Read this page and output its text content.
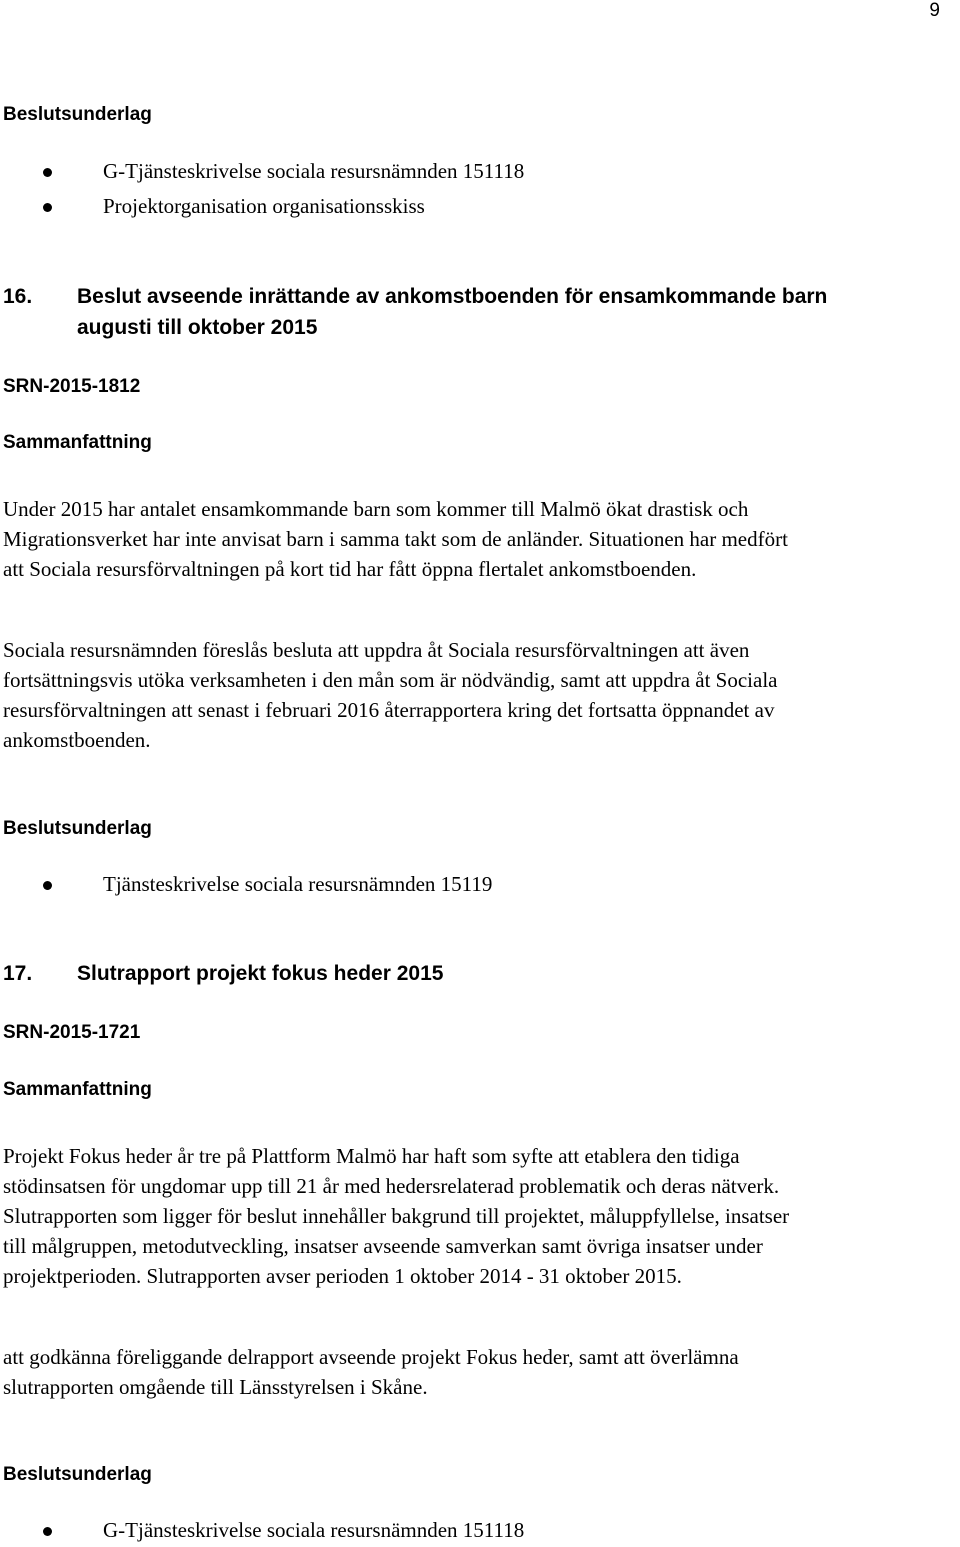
9
Beslutsunderlag
G-Tjänsteskrivelse sociala resursnämnden 151118
Projektorganisation organisationsskiss
16. Beslut avseende inrättande av ankomstboenden för ensamkommande barn
augusti till oktober 2015
SRN-2015-1812
Sammanfattning
Under 2015 har antalet ensamkommande barn som kommer till Malmö ökat drastisk och
Migrationsverket har inte anvisat barn i samma takt som de anländer. Situationen har medfört
att Sociala resursförvaltningen på kort tid har fått öppna flertalet ankomstboenden.
Sociala resursnämnden föreslås besluta att uppdra åt Sociala resursförvaltningen att även
fortsättningsvis utöka verksamheten i den mån som är nödvändig, samt att uppdra åt Sociala
resursförvaltningen att senast i februari 2016 återrapportera kring det fortsatta öppnandet av
ankomstboenden.
Beslutsunderlag
Tjänsteskrivelse sociala resursnämnden 15119
17. Slutrapport projekt fokus heder 2015
SRN-2015-1721
Sammanfattning
Projekt Fokus heder år tre på Plattform Malmö har haft som syfte att etablera den tidiga
stödinsatsen för ungdomar upp till 21 år med hedersrelaterad problematik och deras nätverk.
Slutrapporten som ligger för beslut innehåller bakgrund till projektet, måluppfyllelse, insatser
till målgruppen, metodutveckling, insatser avseende samverkan samt övriga insatser under
projektperioden. Slutrapporten avser perioden 1 oktober 2014 - 31 oktober 2015.
att godkänna föreliggande delrapport avseende projekt Fokus heder, samt att överlämna
slutrapporten omgående till Länsstyrelsen i Skåne.
Beslutsunderlag
G-Tjänsteskrivelse sociala resursnämnden 151118
